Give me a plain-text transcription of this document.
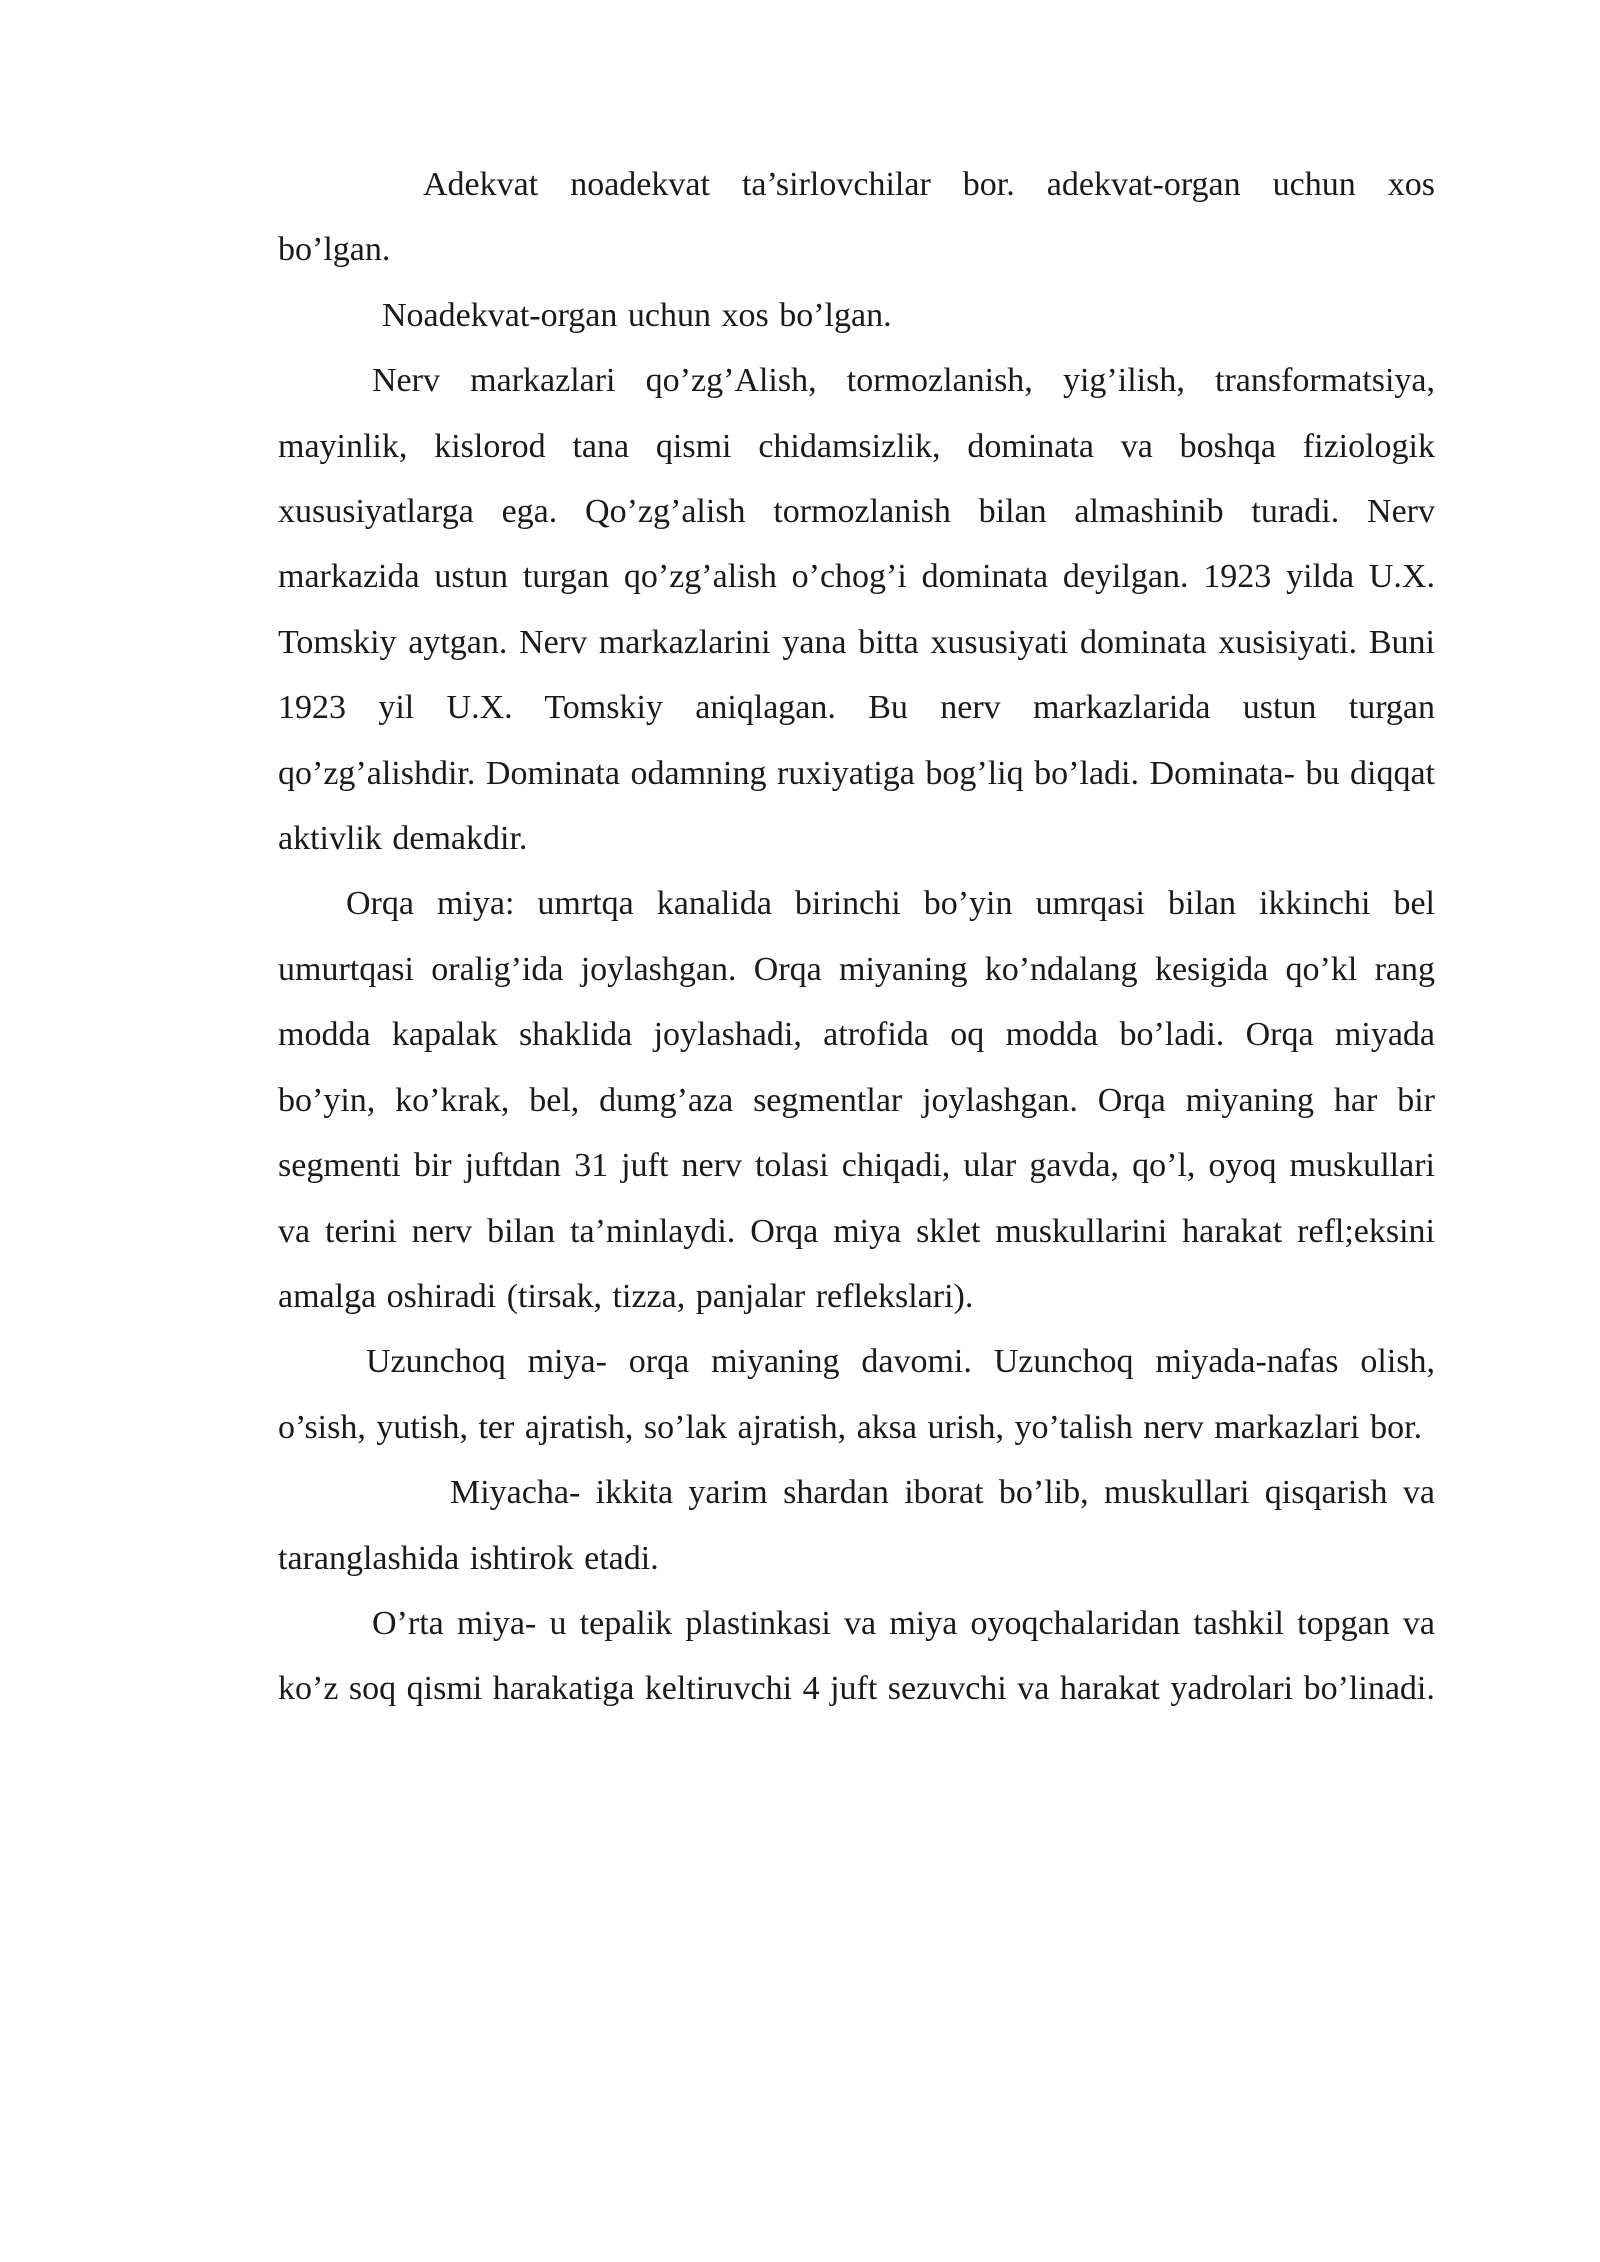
Adekvat noadekvat ta’sirlovchilar bor. adekvat-organ uchun xos bo’lgan.

Noadekvat-organ uchun xos bo’lgan.

Nerv markazlari qo’zg’Alish, tormozlanish, yig’ilish, transformatsiya, mayinlik, kislorod tana qismi chidamsizlik, dominata va boshqa fiziologik xususiyatlarga ega. Qo’zg’alish tormozlanish bilan almashinib turadi. Nerv markazida ustun turgan qo’zg’alish o’chog’i dominata deyilgan. 1923 yilda U.X. Tomskiy aytgan. Nerv markazlarini yana bitta xususiyati dominata xusisiyati. Buni 1923 yil U.X. Tomskiy aniqlagan. Bu nerv markazlarida ustun turgan qo’zg’alishdir. Dominata odamning ruxiyatiga bog’liq bo’ladi. Dominata- bu diqqat aktivlik demakdir.

Orqa miya: umrtqa kanalida birinchi bo’yin umrqasi bilan ikkinchi bel umurtqasi oralig’ida joylashgan. Orqa miyaning ko’ndalang kesigida qo’kl rang modda kapalak shaklida joylashadi, atrofida oq modda bo’ladi. Orqa miyada bo’yin, ko’krak, bel, dumg’aza segmentlar joylashgan. Orqa miyaning har bir segmenti bir juftdan 31 juft nerv tolasi chiqadi, ular gavda, qo’l, oyoq muskullari va terini nerv bilan ta’minlaydi. Orqa miya sklet muskullarini harakat refl;eksini amalga oshiradi (tirsak, tizza, panjalar reflekslari).

Uzunchoq miya- orqa miyaning davomi. Uzunchoq miyada-nafas olish, o’sish, yutish, ter ajratish, so’lak ajratish, aksa urish, yo’talish nerv markazlari bor.

Miyacha- ikkita yarim shardan iborat bo’lib, muskullari qisqarish va taranglashida ishtirok etadi.

O’rta miya- u tepalik plastinkasi va miya oyoqchalaridan tashkil topgan va ko’z soq qismi harakatiga keltiruvchi 4 juft sezuvchi va harakat yadrolari bo’linadi.
